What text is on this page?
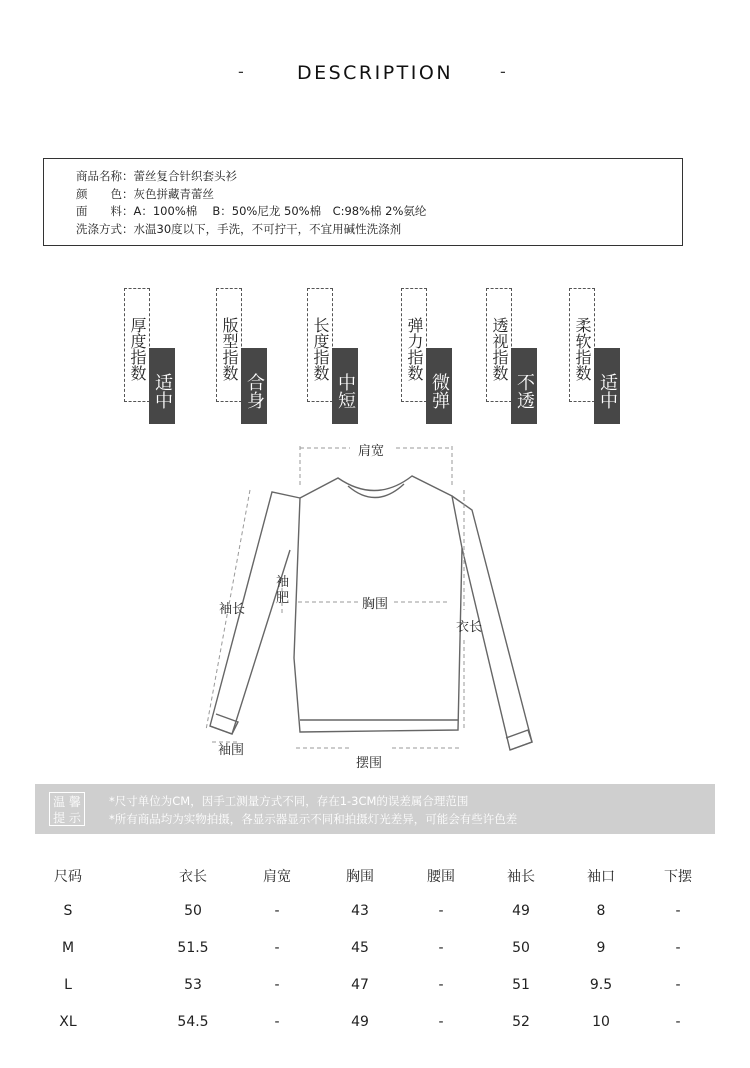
-	DESCRIPTION	-
商品名称：蕾丝复合针织套头衫
颜　　色：灰色拼藏青蕾丝
面　　料：A：100%棉　 B：50%尼龙 50%棉　C:98%棉 2%氨纶
洗涤方式：水温30度以下，手洗，不可拧干，不宜用碱性洗涤剂
厚度指数
适中
版型指数
合身
长度指数
中短
弹力指数
微弹
透视指数
不透
柔软指数
适中
肩宽
袖长
袖
肥	胸围
衣长
袖围
摆围
温 馨
提 示
*尺寸单位为CM，因手工测量方式不同，存在1-3CM的误差属合理范围
*所有商品均为实物拍摄，各显示器显示不同和拍摄灯光差异，可能会有些许色差
尺码	衣长	肩宽	胸围	腰围	袖长	袖口	下摆
S	50	-	43	-	49	8	-
M	51.5	-	45	-	50	9	-
L	53	-	47	-	51	9.5	-
XL	54.5	-	49	-	52	10	-
